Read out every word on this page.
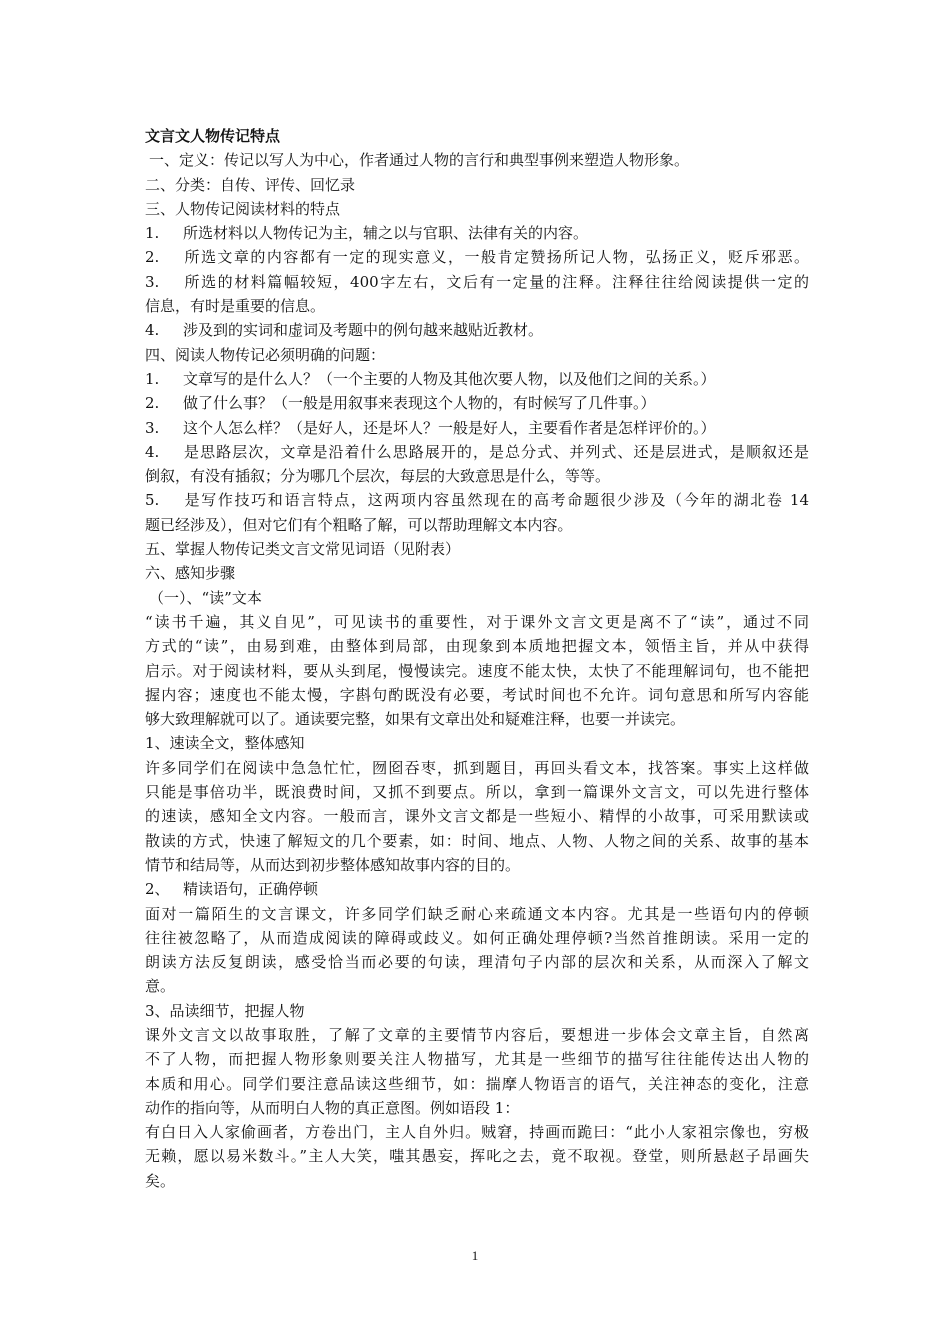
文言文人物传记特点
一、定义：传记以写人为中心，作者通过人物的言行和典型事例来塑造人物形象。
二、分类：自传、评传、回忆录
三、人物传记阅读材料的特点
1. 所选材料以人物传记为主，辅之以与官职、法律有关的内容。
2. 所选文章的内容都有一定的现实意义，一般肯定赞扬所记人物，弘扬正义，贬斥邪恶。
3. 所选的材料篇幅较短，400字左右，文后有一定量的注释。注释往往给阅读提供一定的
信息，有时是重要的信息。
4. 涉及到的实词和虚词及考题中的例句越来越贴近教材。
四、阅读人物传记必须明确的问题：
1. 文章写的是什么人？（一个主要的人物及其他次要人物，以及他们之间的关系。）
2. 做了什么事？（一般是用叙事来表现这个人物的，有时候写了几件事。）
3. 这个人怎么样？（是好人，还是坏人？一般是好人，主要看作者是怎样评价的。）
4. 是思路层次，文章是沿着什么思路展开的，是总分式、并列式、还是层进式，是顺叙还是
倒叙，有没有插叙；分为哪几个层次，每层的大致意思是什么，等等。
5. 是写作技巧和语言特点，这两项内容虽然现在的高考命题很少涉及（今年的湖北卷 14
题已经涉及），但对它们有个粗略了解，可以帮助理解文本内容。
五、掌握人物传记类文言文常见词语（见附表）
六、感知步骤
（一）、“读”文本
“读书千遍，其义自见”，可见读书的重要性，对于课外文言文更是离不了“读”，通过不同
方式的“读”，由易到难，由整体到局部，由现象到本质地把握文本，领悟主旨，并从中获得
启示。对于阅读材料，要从头到尾，慢慢读完。速度不能太快，太快了不能理解词句，也不能把
握内容；速度也不能太慢，字斟句酌既没有必要，考试时间也不允许。词句意思和所写内容能
够大致理解就可以了。通读要完整，如果有文章出处和疑难注释，也要一并读完。
1、速读全文，整体感知
许多同学们在阅读中急急忙忙，囫囵吞枣，抓到题目，再回头看文本，找答案。事实上这样做
只能是事倍功半，既浪费时间，又抓不到要点。所以，拿到一篇课外文言文，可以先进行整体
的速读，感知全文内容。一般而言，课外文言文都是一些短小、精悍的小故事，可采用默读或
散读的方式，快速了解短文的几个要素，如：时间、地点、人物、人物之间的关系、故事的基本
情节和结局等，从而达到初步整体感知故事内容的目的。
2、 精读语句，正确停顿
面对一篇陌生的文言课文，许多同学们缺乏耐心来疏通文本内容。尤其是一些语句内的停顿
往往被忽略了，从而造成阅读的障碍或歧义。如何正确处理停顿?当然首推朗读。采用一定的
朗读方法反复朗读，感受恰当而必要的句读，理清句子内部的层次和关系，从而深入了解文
意。
3、品读细节，把握人物
课外文言文以故事取胜，了解了文章的主要情节内容后，要想进一步体会文章主旨，自然离
不了人物，而把握人物形象则要关注人物描写，尤其是一些细节的描写往往能传达出人物的
本质和用心。同学们要注意品读这些细节，如：揣摩人物语言的语气，关注神态的变化，注意
动作的指向等，从而明白人物的真正意图。例如语段 1：
有白日入人家偷画者，方卷出门，主人自外归。贼窘，持画而跪曰：“此小人家祖宗像也，穷极
无赖，愿以易米数斗。”主人大笑，嗤其愚妄，挥叱之去，竟不取视。登堂，则所悬赵子昂画失
矣。
1
